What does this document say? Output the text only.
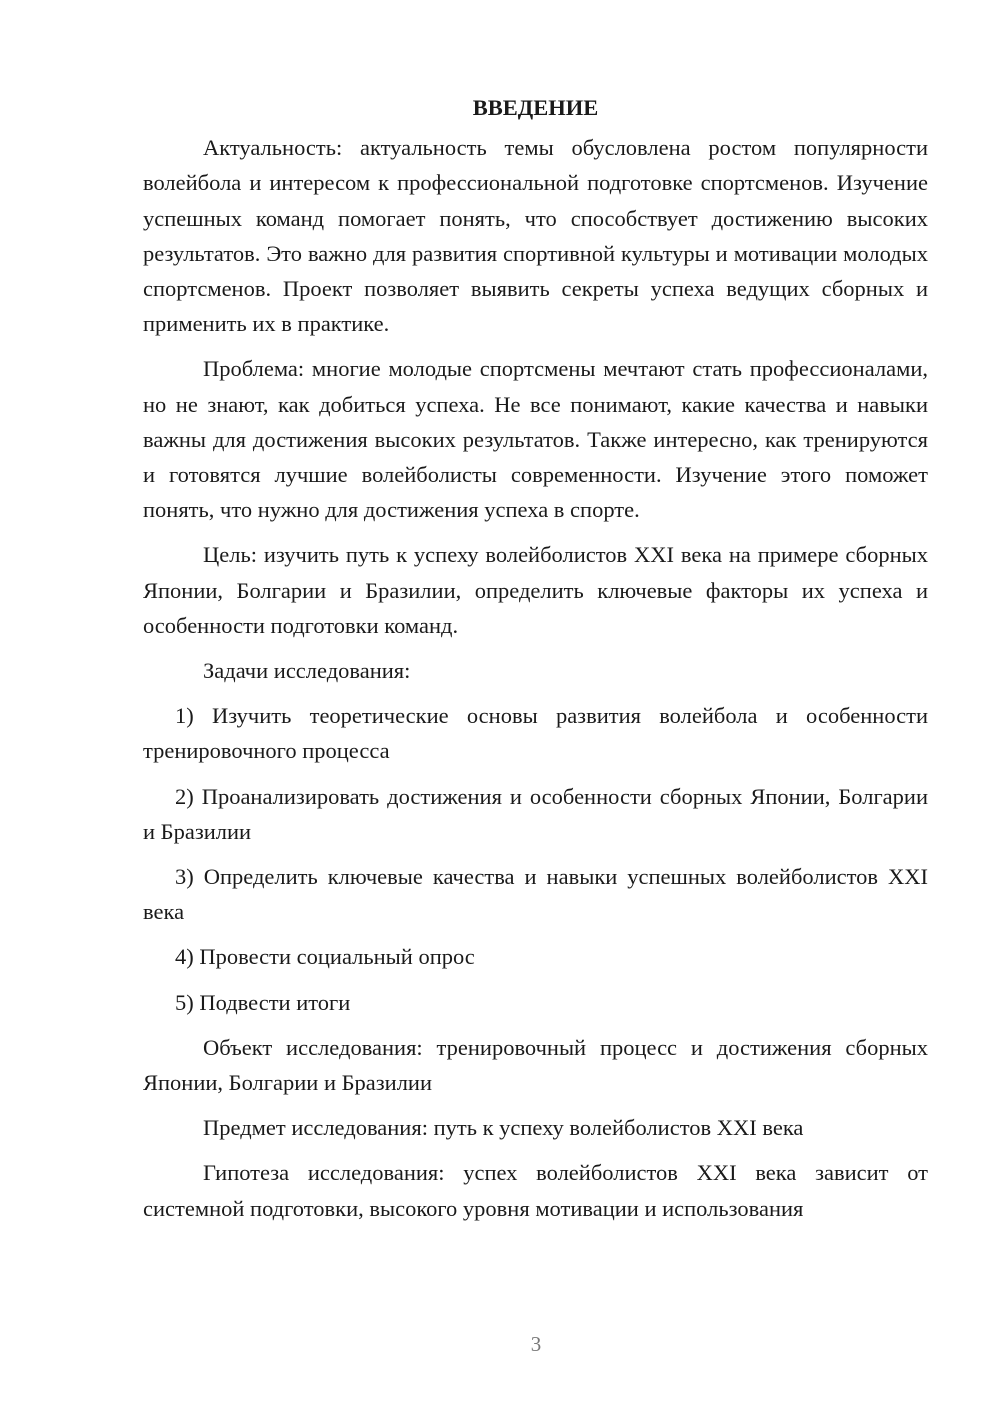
ВВЕДЕНИЕ

Актуальность: актуальность темы обусловлена ростом популярности волейбола и интересом к профессиональной подготовке спортсменов. Изучение успешных команд помогает понять, что способствует достижению высоких результатов. Это важно для развития спортивной культуры и мотивации молодых спортсменов. Проект позволяет выявить секреты успеха ведущих сборных и применить их в практике.

Проблема: многие молодые спортсмены мечтают стать профессионалами, но не знают, как добиться успеха. Не все понимают, какие качества и навыки важны для достижения высоких результатов. Также интересно, как тренируются и готовятся лучшие волейболисты современности. Изучение этого поможет понять, что нужно для достижения успеха в спорте.

Цель: изучить путь к успеху волейболистов XXI века на примере сборных Японии, Болгарии и Бразилии, определить ключевые факторы их успеха и особенности подготовки команд.

Задачи исследования:

1) Изучить теоретические основы развития волейбола и особенности тренировочного процесса

2) Проанализировать достижения и особенности сборных Японии, Болгарии и Бразилии

3) Определить ключевые качества и навыки успешных волейболистов XXI века

4) Провести социальный опрос

5) Подвести итоги

Объект исследования: тренировочный процесс и достижения сборных Японии, Болгарии и Бразилии

Предмет исследования: путь к успеху волейболистов XXI века

Гипотеза исследования: успех волейболистов XXI века зависит от системной подготовки, высокого уровня мотивации и использования

3
